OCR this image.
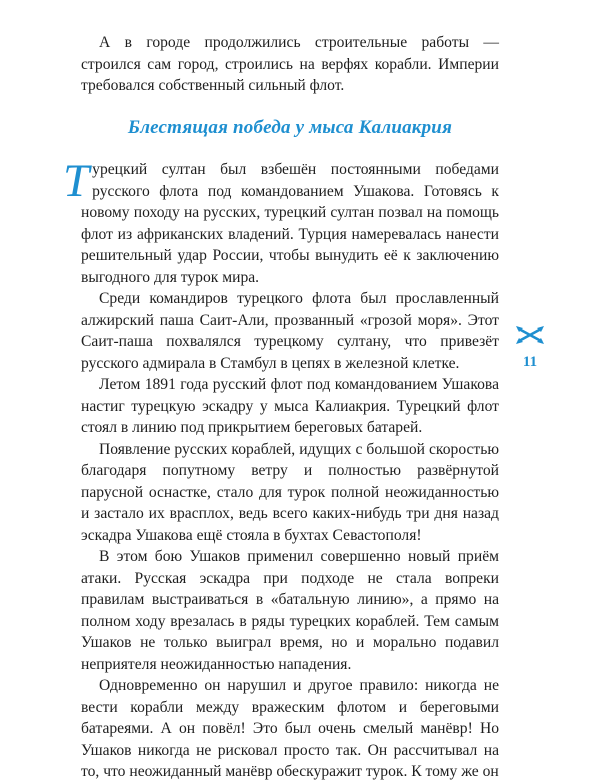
А в городе продолжились строительные работы — строился сам город, строились на верфях корабли. Империи требовался собственный сильный флот.

Блестящая победа у мыса Калиакрия

Турецкий султан был взбешён постоянными победами русского флота под командованием Ушакова. Готовясь к новому походу на русских, турецкий султан позвал на помощь флот из африканских владений. Турция намеревалась нанести решительный удар России, чтобы вынудить её к заключению выгодного для турок мира.

Среди командиров турецкого флота был прославленный алжирский паша Саит-Али, прозванный «грозой моря». Этот Саит-паша похвалялся турецкому султану, что привезёт русского адмирала в Стамбул в цепях в железной клетке.

Летом 1891 года русский флот под командованием Ушакова настиг турецкую эскадру у мыса Калиакрия. Турецкий флот стоял в линию под прикрытием береговых батарей.

Появление русских кораблей, идущих с большой скоростью благодаря попутному ветру и полностью развёрнутой парусной оснастке, стало для турок полной неожиданностью и застало их врасплох, ведь всего каких-нибудь три дня назад эскадра Ушакова ещё стояла в бухтах Севастополя!

В этом бою Ушаков применил совершенно новый приём атаки. Русская эскадра при подходе не стала вопреки правилам выстраиваться в «батальную линию», а прямо на полном ходу врезалась в ряды турецких кораблей. Тем самым Ушаков не только выиграл время, но и морально подавил неприятеля неожиданностью нападения.

Одновременно он нарушил и другое правило: никогда не вести корабли между вражеским флотом и береговыми батареями. А он повёл! Это был очень смелый манёвр! Но Ушаков никогда не рисковал просто так. Он рассчитывал на то, что неожиданный манёвр обескуражит турок. К тому же он

11
